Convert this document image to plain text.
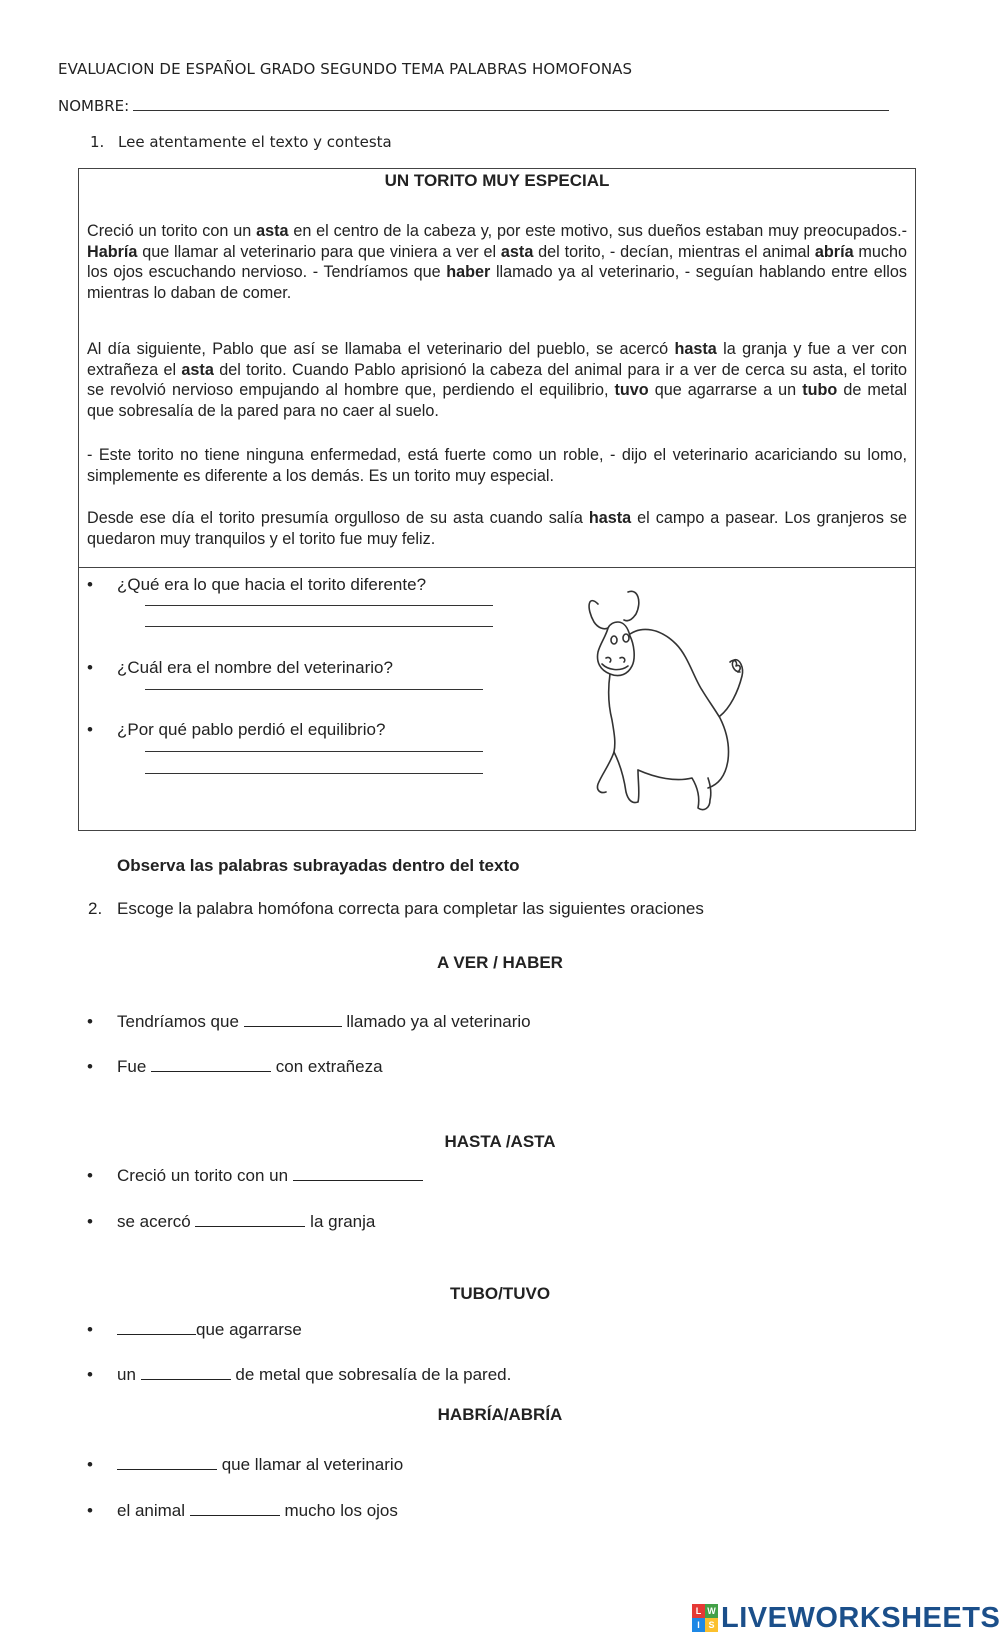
EVALUACION DE ESPAÑOL GRADO SEGUNDO TEMA PALABRAS HOMOFONAS
NOMBRE:
1. Lee atentamente el texto y contesta
UN TORITO MUY ESPECIAL
Creció un torito con un asta en el centro de la cabeza y, por este motivo, sus dueños estaban muy preocupados.- Habría que llamar al veterinario para que viniera a ver el asta del torito, - decían, mientras el animal abría mucho los ojos escuchando nervioso. - Tendríamos que haber llamado ya al veterinario, - seguían hablando entre ellos mientras lo daban de comer.
Al día siguiente, Pablo que así se llamaba el veterinario del pueblo, se acercó hasta la granja y fue a ver con extrañeza el asta del torito. Cuando Pablo aprisionó la cabeza del animal para ir a ver de cerca su asta, el torito se revolvió nervioso empujando al hombre que, perdiendo el equilibrio, tuvo que agarrarse a un tubo de metal que sobresalía de la pared para no caer al suelo.
- Este torito no tiene ninguna enfermedad, está fuerte como un roble, - dijo el veterinario acariciando su lomo, simplemente es diferente a los demás. Es un torito muy especial.
Desde ese día el torito presumía orgulloso de su asta cuando salía hasta el campo a pasear. Los granjeros se quedaron muy tranquilos y el torito fue muy feliz.
• ¿Qué era lo que hacia el torito diferente?
• ¿Cuál era el nombre del veterinario?
• ¿Por qué pablo perdió el equilibrio?
Observa las palabras subrayadas dentro del texto
2. Escoge la palabra homófona correcta para completar las siguientes oraciones
A VER / HABER
• Tendríamos que	llamado ya al veterinario
• Fue	con extrañeza
HASTA /ASTA
• Creció un torito con un
• se acercó	la granja
TUBO/TUVO
•	que agarrarse
• un	de metal que sobresalía de la pared.
HABRÍA/ABRÍA
•	que llamar al veterinario
• el animal	mucho los ojos
L W
I S LIVEWORKSHEETS
